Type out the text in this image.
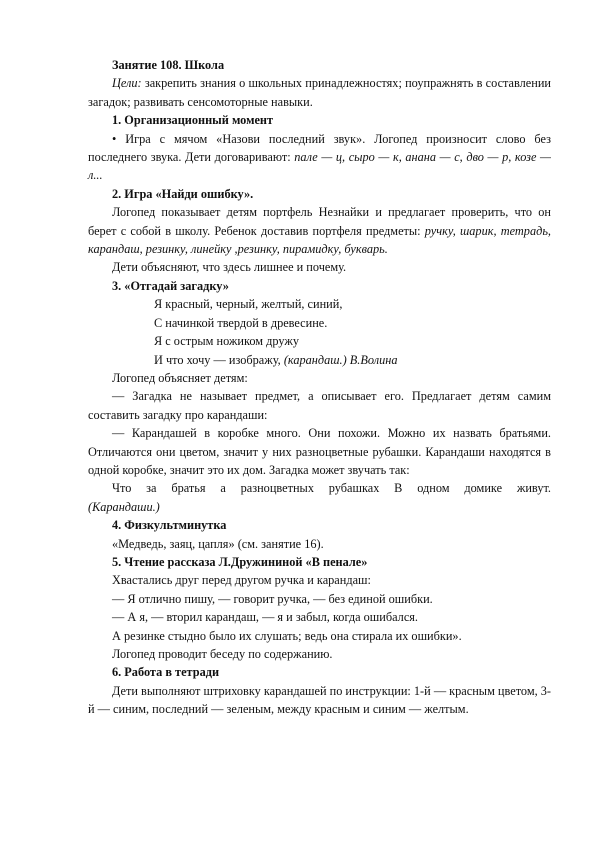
Занятие 108. Школа

Цели: закрепить знания о школьных принадлежностях; поупражнять в составлении загадок; развивать сенсомоторные навыки.

1. Организационный момент

• Игра с мячом «Назови последний звук». Логопед произносит слово без последнего звука. Дети договаривают: пале — ц, сыро — к, анана — с, дво — р, козе — л...

2. Игра «Найди ошибку».

Логопед показывает детям портфель Незнайки и предлагает проверить, что он берет с собой в школу. Ребенок доставив портфеля предметы: ручку, шарик, тетрадь, карандаш, резинку, линейку ,резинку, пирамидку, букварь.

Дети объясняют, что здесь лишнее и почему.

3. «Отгадай загадку»

Я красный, черный, желтый, синий,

С начинкой твердой в древесине.

Я с острым ножиком дружу

И что хочу — изображу, (карандаш.) В.Волина

Логопед объясняет детям:

— Загадка не называет предмет, а описывает его. Предлагает детям самим составить загадку про карандаши:

— Карандашей в коробке много. Они похожи. Можно их назвать братьями. Отличаются они цветом, значит у них разноцветные рубашки. Карандаши находятся в одной коробке, значит это их дом. Загадка может звучать так:

Что за братья а разноцветных рубашках В одном домике живут.

(Карандаши.)

4. Физкультминутка

«Медведь, заяц, цапля» (см. занятие 16).

5. Чтение рассказа Л.Дружининой «В пенале»

Хвастались друг перед другом ручка и карандаш:

— Я отлично пишу, — говорит ручка, — без единой ошибки.

— А я, — вторил карандаш, — я и забыл, когда ошибался.

А резинке стыдно было их слушать; ведь она стирала их ошибки».

Логопед проводит беседу по содержанию.

6. Работа в тетради

Дети выполняют штриховку карандашей по инструкции: 1-й — красным цветом, 3-й — синим, последний — зеленым, между красным и синим — желтым.
